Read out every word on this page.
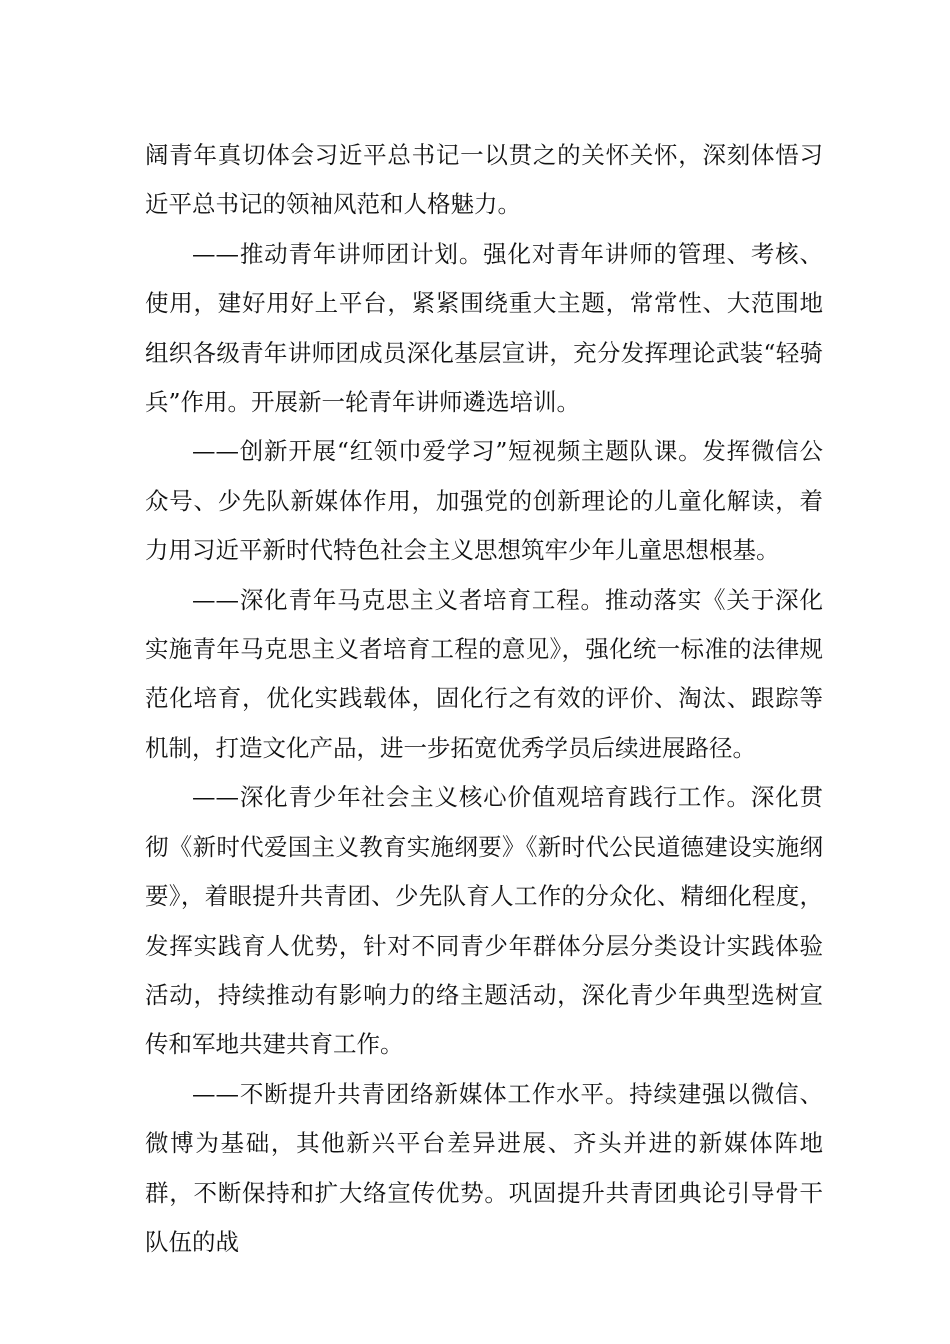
阔青年真切体会习近平总书记一以贯之的关怀关怀，深刻体悟习近平总书记的领袖风范和人格魅力。

——推动青年讲师团计划。强化对青年讲师的管理、考核、使用，建好用好上平台，紧紧围绕重大主题，常常性、大范围地组织各级青年讲师团成员深化基层宣讲，充分发挥理论武装“轻骑兵”作用。开展新一轮青年讲师遴选培训。

——创新开展“红领巾爱学习”短视频主题队课。发挥微信公众号、少先队新媒体作用，加强党的创新理论的儿童化解读，着力用习近平新时代特色社会主义思想筑牢少年儿童思想根基。

——深化青年马克思主义者培育工程。推动落实《关于深化实施青年马克思主义者培育工程的意见》，强化统一标准的法律规范化培育，优化实践载体，固化行之有效的评价、淘汰、跟踪等机制，打造文化产品，进一步拓宽优秀学员后续进展路径。

——深化青少年社会主义核心价值观培育践行工作。深化贯彻《新时代爱国主义教育实施纲要》《新时代公民道德建设实施纲要》，着眼提升共青团、少先队育人工作的分众化、精细化程度，发挥实践育人优势，针对不同青少年群体分层分类设计实践体验活动，持续推动有影响力的络主题活动，深化青少年典型选树宣传和军地共建共育工作。

——不断提升共青团络新媒体工作水平。持续建强以微信、微博为基础，其他新兴平台差异进展、齐头并进的新媒体阵地群，不断保持和扩大络宣传优势。巩固提升共青团典论引导骨干队伍的战
